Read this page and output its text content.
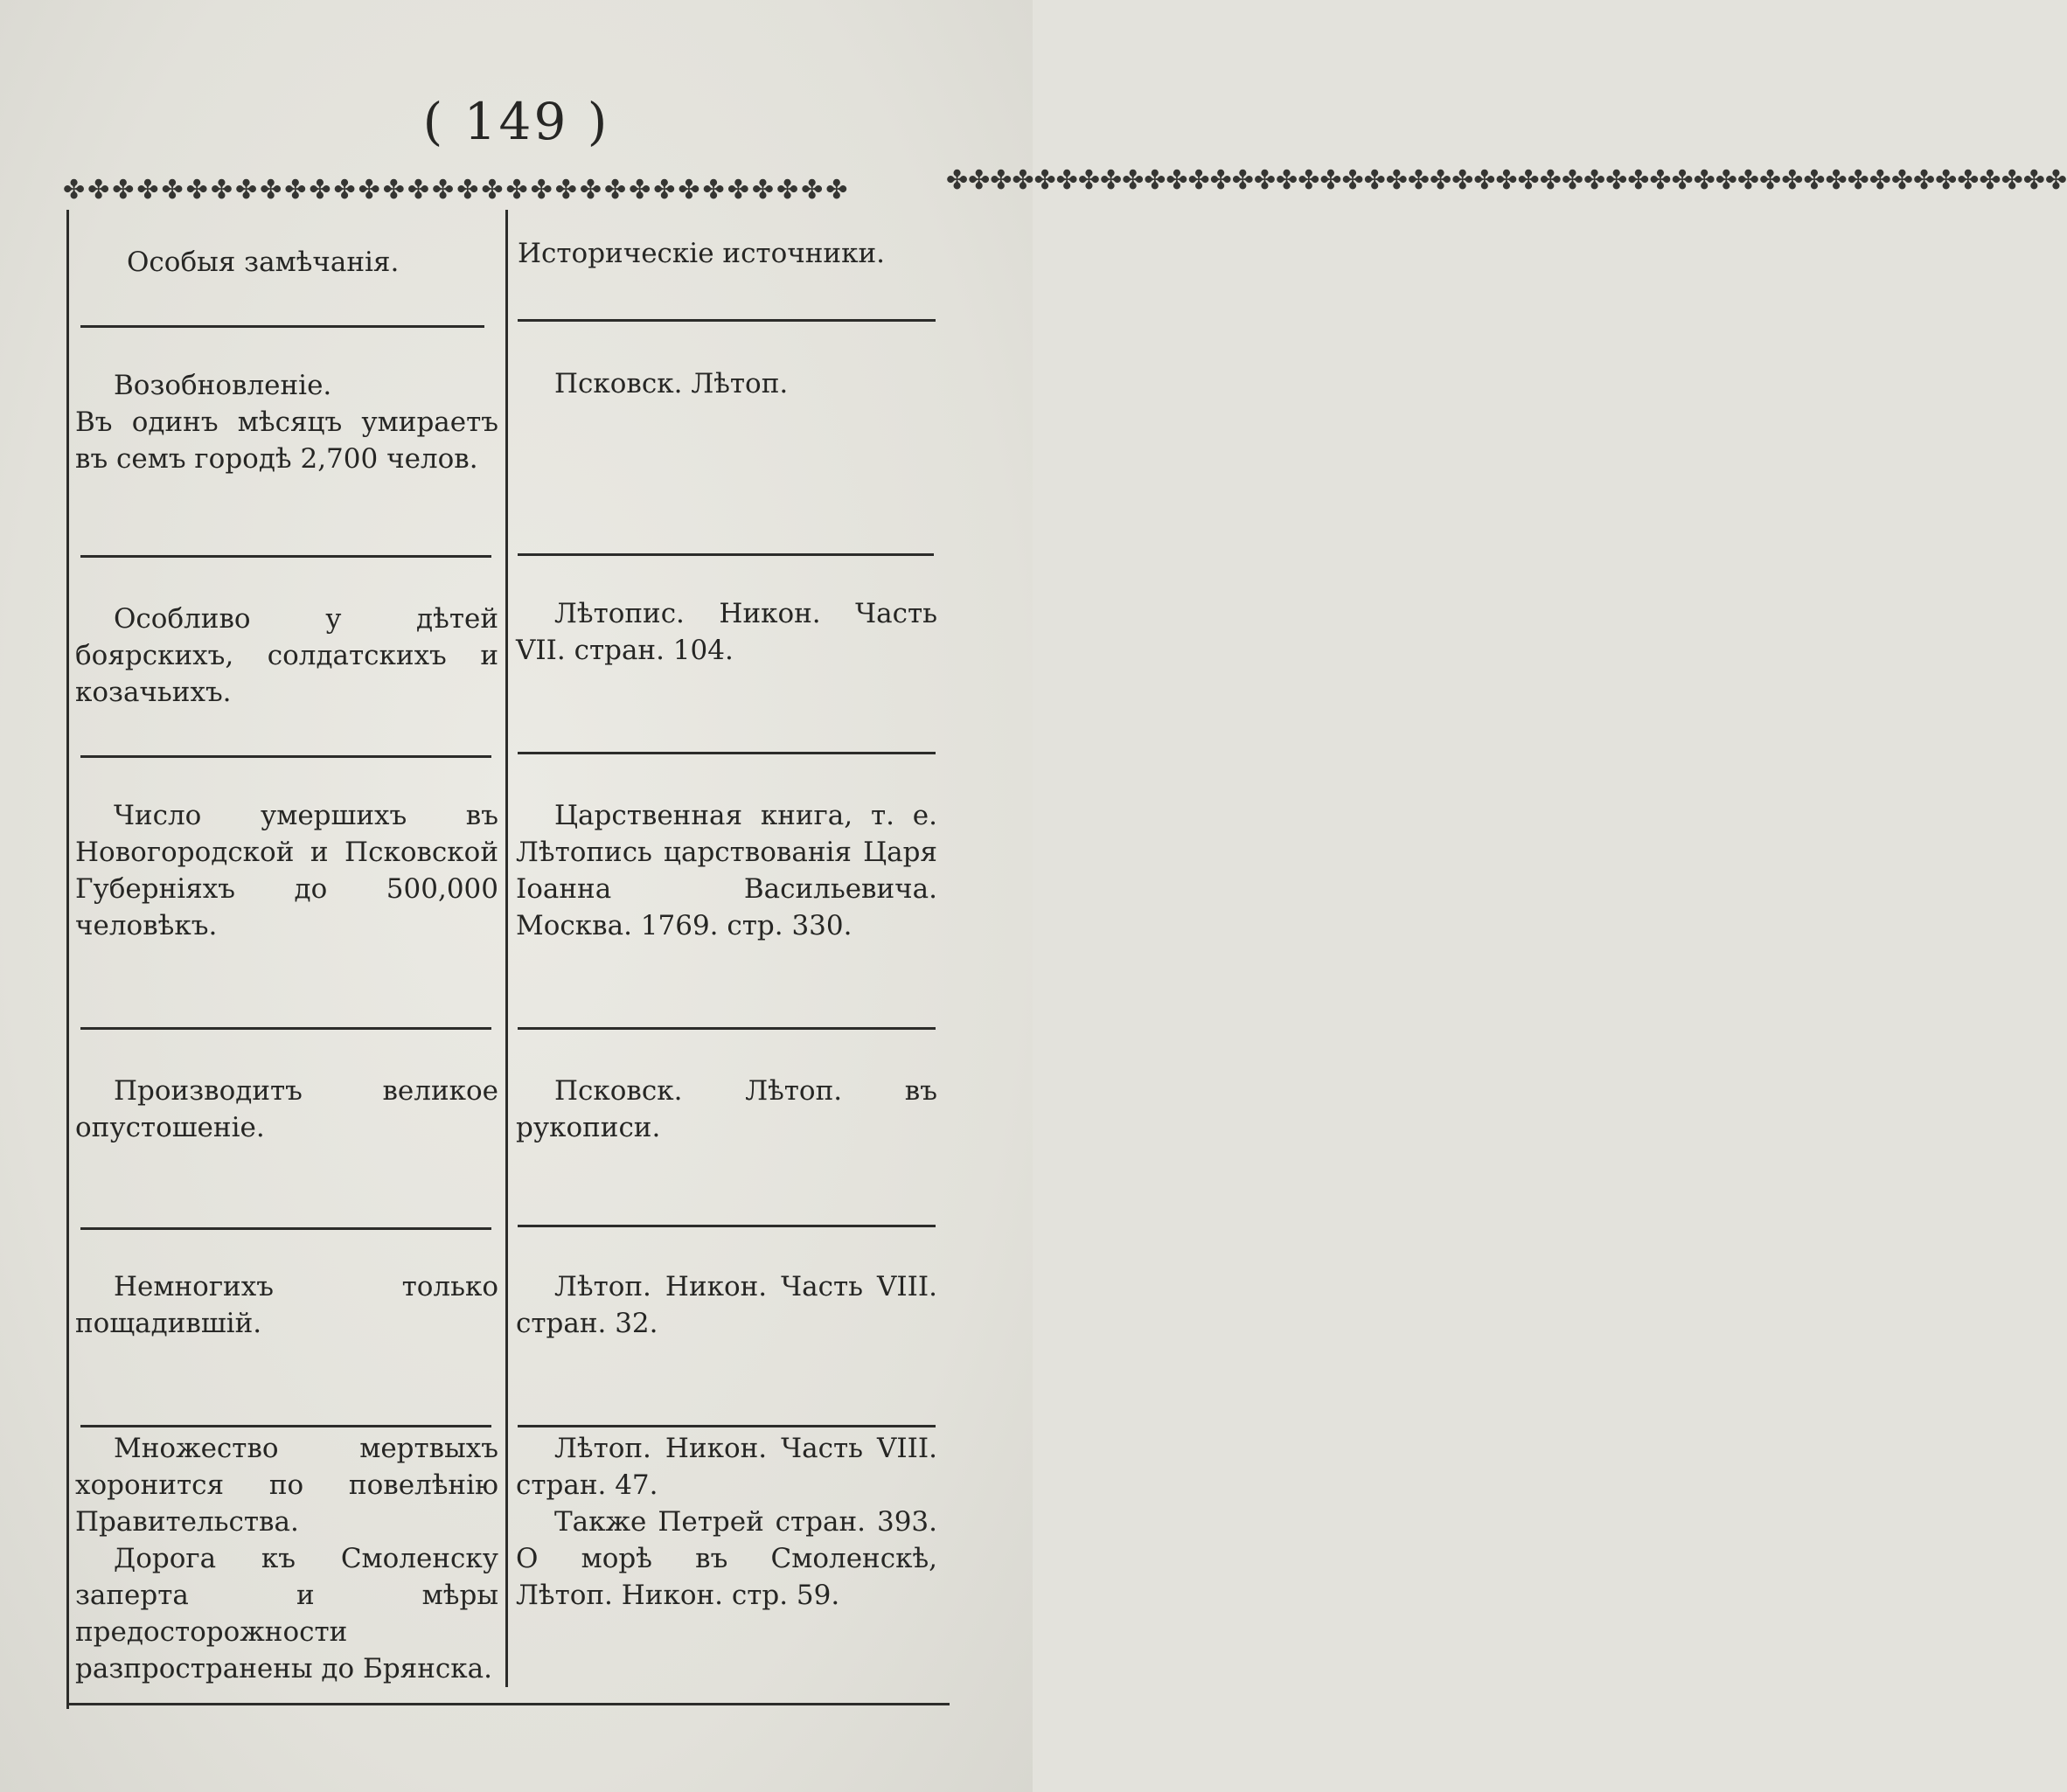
( 149 )
✤✤✤✤✤✤✤✤✤✤✤✤✤✤✤✤✤✤✤✤✤✤✤✤✤✤✤✤✤✤✤✤	✤✤✤✤✤✤✤✤✤✤✤✤✤✤✤✤✤✤✤✤✤✤✤✤✤✤✤✤✤✤✤✤✤✤✤✤✤✤✤✤✤✤✤✤✤✤✤✤✤✤✤
Особыя замѣчанія.	Историческіе источники.

Возобновленіе.

Въ одинъ мѣсяцъ умираетъ въ семъ городѣ 2,700 челов.

Псковск. Лѣтоп.

Особливо у дѣтей боярскихъ, солдатскихъ и козачьихъ.

Лѣтопис. Никон. Часть VII. стран. 104.

Число умершихъ въ Новогородской и Псковской Губерніяхъ до 500,000 человѣкъ.

Царственная книга, т. е. Лѣтопись царствованія Царя Іоанна Васильевича. Москва. 1769. стр. 330.

Производитъ великое опустошеніе.

Псковск. Лѣтоп. въ рукописи.

Немногихъ только пощадившій.

Лѣтоп. Никон. Часть VIII. стран. 32.

Множество мертвыхъ хоронится по повелѣнію Правительства.

Дорога къ Смоленску заперта и мѣры предосторожности разпространены до Брянска.

Лѣтоп. Никон. Часть VIII. стран. 47.

Также Петрей стран. 393. О морѣ въ Смоленскѣ, Лѣтоп. Никон. стр. 59.
